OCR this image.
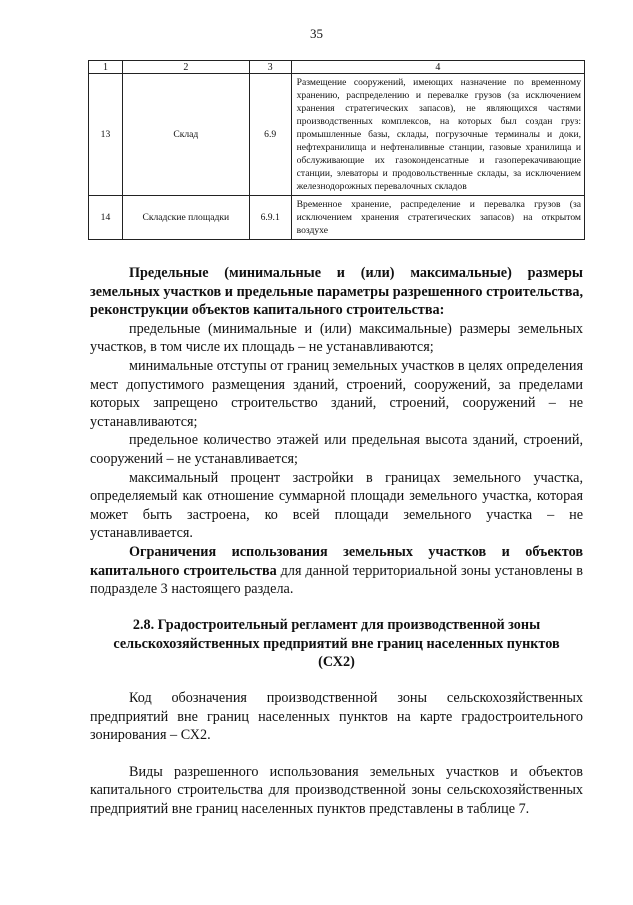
35
1	2	3	4
13	Склад	6.9	Размещение сооружений, имеющих назначение по временному хранению, распределению и перевалке грузов (за исключением хранения стратегических запасов), не являющихся частями производственных комплексов, на которых был создан груз: промышленные базы, склады, погрузочные терминалы и доки, нефтехранилища и нефтеналивные станции, газовые хранилища и обслуживающие их газоконденсатные и газоперекачивающие станции, элеваторы и продовольственные склады, за исключением железнодорожных перевалочных складов
14	Складские площадки	6.9.1	Временное хранение, распределение и перевалка грузов (за исключением хранения стратегических запасов) на открытом воздухе

Предельные (минимальные и (или) максимальные) размеры земельных участков и предельные параметры разрешенного строительства, реконструкции объектов капитального строительства:

предельные (минимальные и (или) максимальные) размеры земельных участков, в том числе их площадь – не устанавливаются;

минимальные отступы от границ земельных участков в целях определения мест допустимого размещения зданий, строений, сооружений, за пределами которых запрещено строительство зданий, строений, сооружений – не устанавливаются;

предельное количество этажей или предельная высота зданий, строений, сооружений – не устанавливается;

максимальный процент застройки в границах земельного участка, определяемый как отношение суммарной площади земельного участка, которая может быть застроена, ко всей площади земельного участка – не устанавливается.

Ограничения использования земельных участков и объектов капитального строительства для данной территориальной зоны установлены в подразделе 3 настоящего раздела.

2.8. Градостроительный регламент для производственной зоны сельскохозяйственных предприятий вне границ населенных пунктов (СХ2)

Код обозначения производственной зоны сельскохозяйственных предприятий вне границ населенных пунктов на карте градостроительного зонирования – СХ2.

Виды разрешенного использования земельных участков и объектов капитального строительства для производственной зоны сельскохозяйственных предприятий вне границ населенных пунктов представлены в таблице 7.
